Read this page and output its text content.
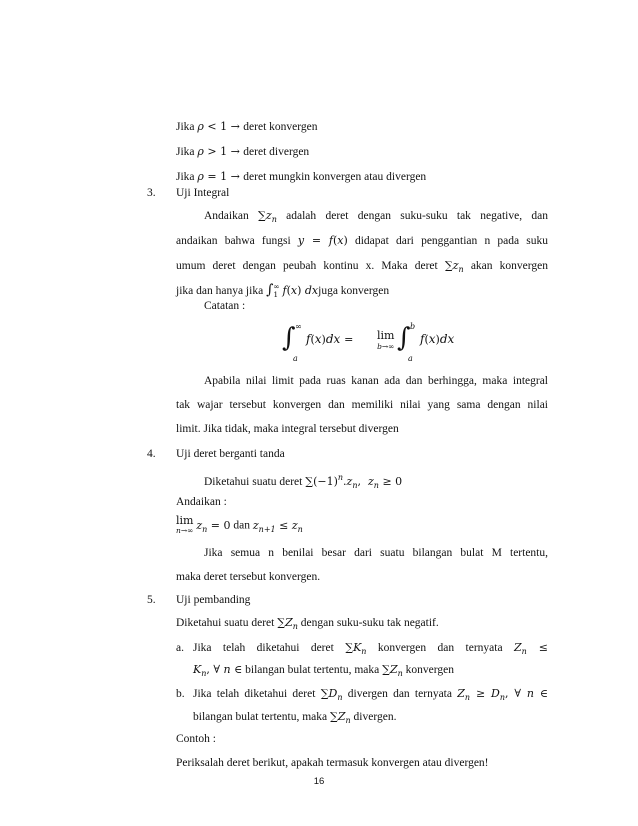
Jika ρ < 1 → deret konvergen
Jika ρ > 1 → deret divergen
Jika ρ = 1 → deret mungkin konvergen atau divergen
3. Uji Integral
Andaikan $\sum z_n$ adalah deret dengan suku-suku tak negative, dan
andaikan bahwa fungsi y = f(x) didapat dari penggantian n pada suku
umum deret dengan peubah kontinu x. Maka deret $\sum z_n$ akan konvergen
jika dan hanya jika ∫ ∞
1 f(x) dxjuga konvergen
Catatan :
∫ ∞
a
f(x)dx = lim
b→∞ ∫ b
a
f(x)dx
Apabila nilai limit pada ruas kanan ada dan berhingga, maka integral
tak wajar tersebut konvergen dan memiliki nilai yang sama dengan nilai
limit. Jika tidak, maka integral tersebut divergen
4. Uji deret berganti tanda
Diketahui suatu deret $\sum(-1)^n.z_n$,  $z_n \ge 0$
Andaikan :
lim
n→∞ $z_n = 0$ dan $z_{n+1} \le z_n$
Jika semua n benilai besar dari suatu bilangan bulat M tertentu,
maka deret tersebut konvergen.
5. Uji pembanding
Diketahui suatu deret $\sum Z_n$ dengan suku-suku tak negatif.
a. Jika telah diketahui deret $\sum K_n$ konvergen dan ternyata $Z_n$ ≤
$K_n$, ∀ n ∈ bilangan bulat tertentu, maka $\sum Z_n$ konvergen
b. Jika telah diketahui deret $\sum D_n$ divergen dan ternyata $Z_n \ge D_n$, ∀ n ∈
bilangan bulat tertentu, maka $\sum Z_n$ divergen.
Contoh :
Periksalah deret berikut, apakah termasuk konvergen atau divergen!
16
